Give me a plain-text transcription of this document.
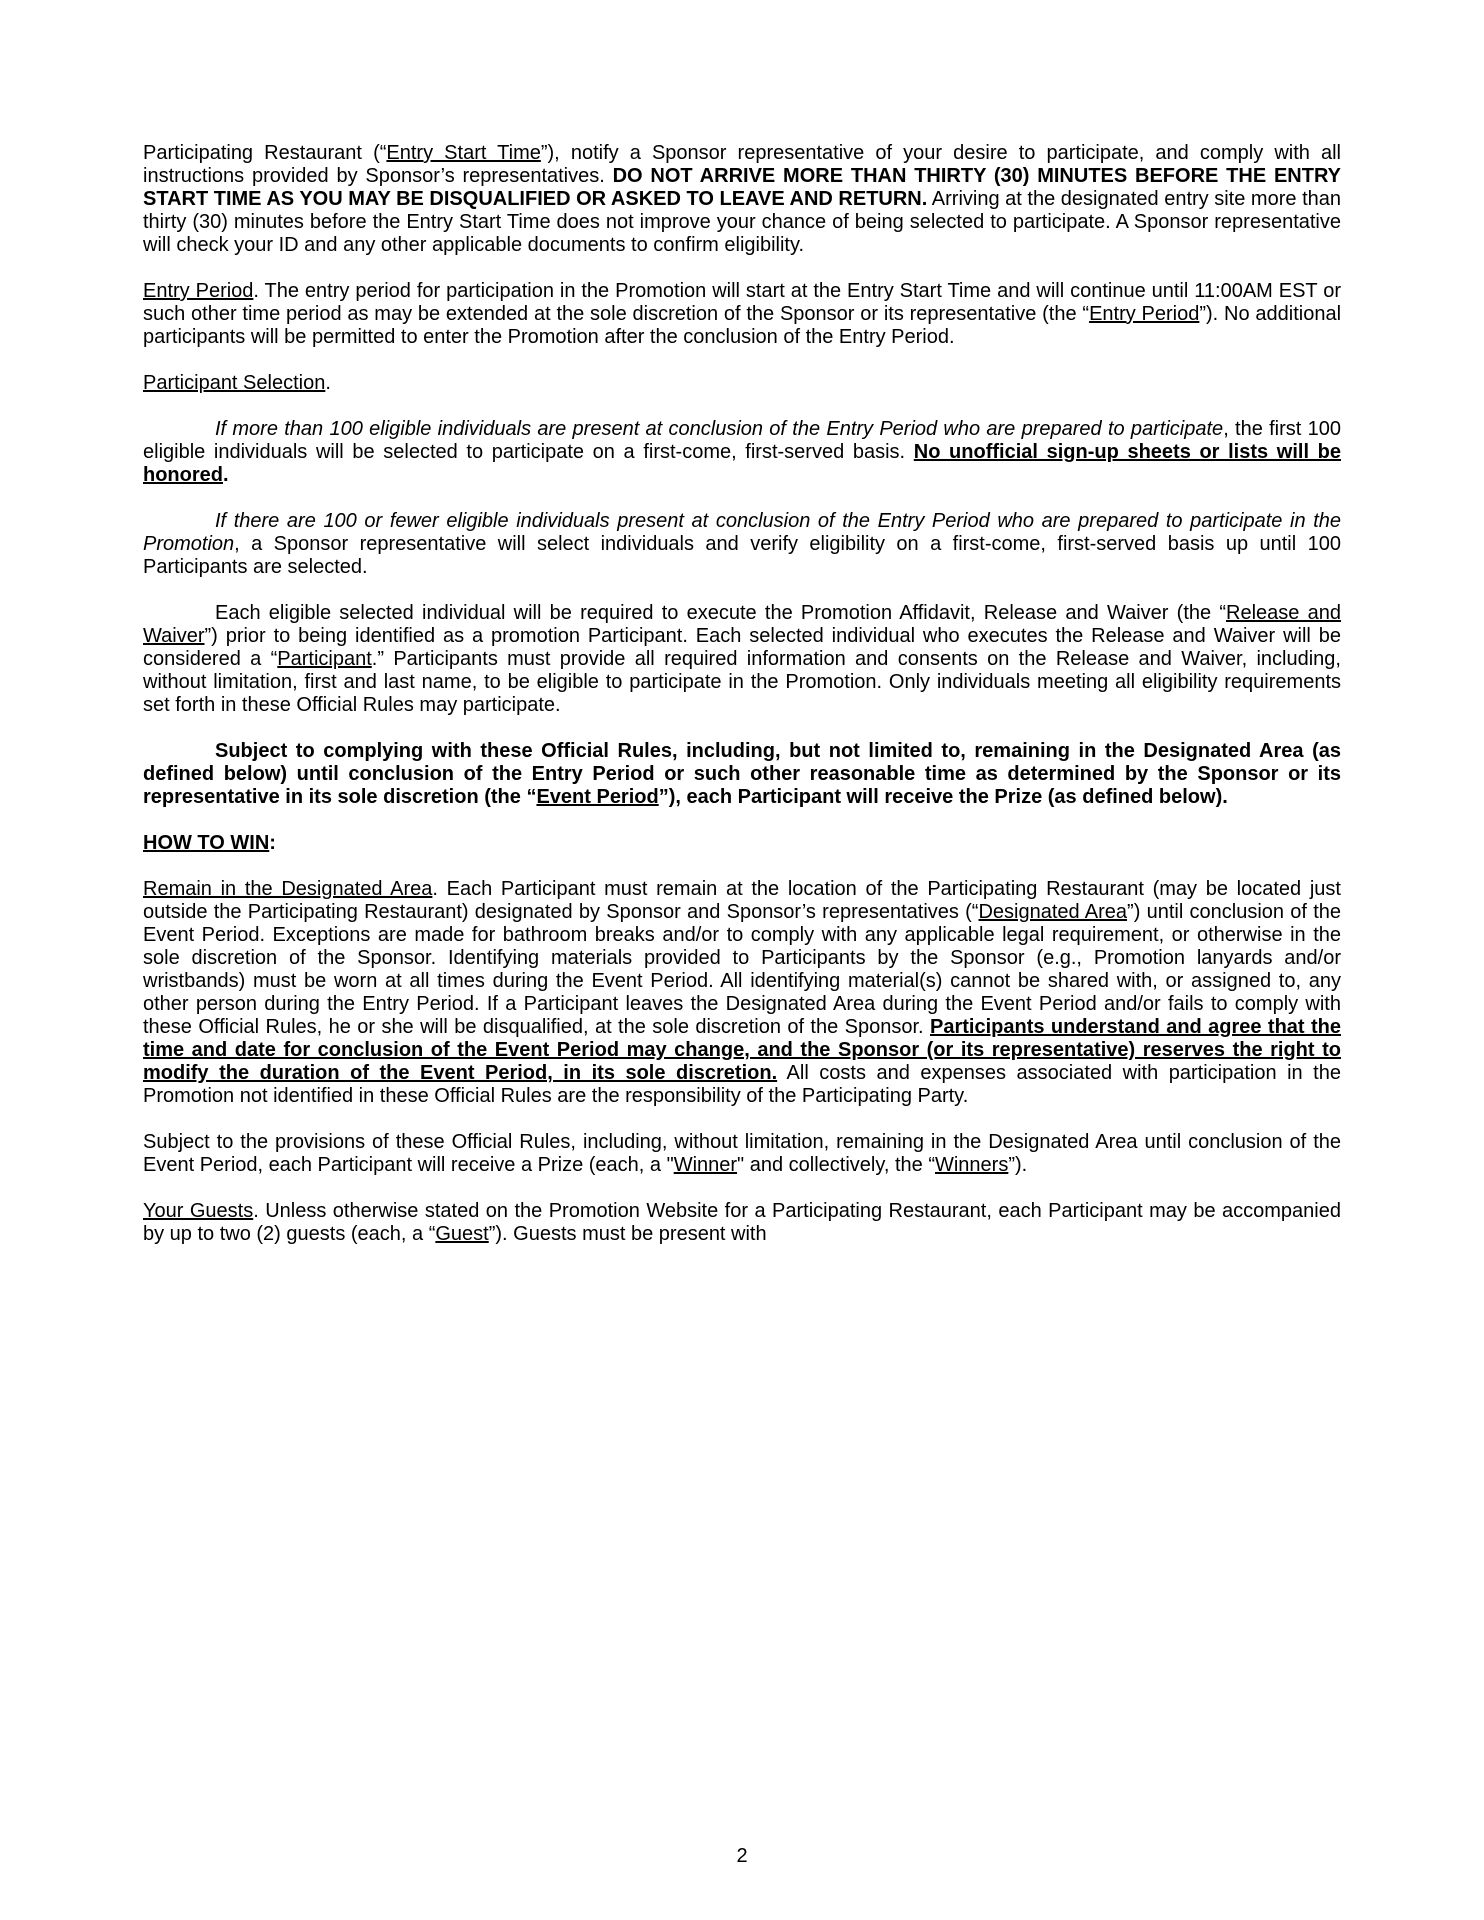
Participating Restaurant (“Entry Start Time”), notify a Sponsor representative of your desire to participate, and comply with all instructions provided by Sponsor’s representatives. DO NOT ARRIVE MORE THAN THIRTY (30) MINUTES BEFORE THE ENTRY START TIME AS YOU MAY BE DISQUALIFIED OR ASKED TO LEAVE AND RETURN. Arriving at the designated entry site more than thirty (30) minutes before the Entry Start Time does not improve your chance of being selected to participate. A Sponsor representative will check your ID and any other applicable documents to confirm eligibility.

Entry Period. The entry period for participation in the Promotion will start at the Entry Start Time and will continue until 11:00AM EST or such other time period as may be extended at the sole discretion of the Sponsor or its representative (the “Entry Period”). No additional participants will be permitted to enter the Promotion after the conclusion of the Entry Period.

Participant Selection.

If more than 100 eligible individuals are present at conclusion of the Entry Period who are prepared to participate, the first 100 eligible individuals will be selected to participate on a first-come, first-served basis. No unofficial sign-up sheets or lists will be honored.

If there are 100 or fewer eligible individuals present at conclusion of the Entry Period who are prepared to participate in the Promotion, a Sponsor representative will select individuals and verify eligibility on a first-come, first-served basis up until 100 Participants are selected.

Each eligible selected individual will be required to execute the Promotion Affidavit, Release and Waiver (the “Release and Waiver”) prior to being identified as a promotion Participant. Each selected individual who executes the Release and Waiver will be considered a “Participant.” Participants must provide all required information and consents on the Release and Waiver, including, without limitation, first and last name, to be eligible to participate in the Promotion. Only individuals meeting all eligibility requirements set forth in these Official Rules may participate.

Subject to complying with these Official Rules, including, but not limited to, remaining in the Designated Area (as defined below) until conclusion of the Entry Period or such other reasonable time as determined by the Sponsor or its representative in its sole discretion (the “Event Period”), each Participant will receive the Prize (as defined below).

HOW TO WIN:

Remain in the Designated Area. Each Participant must remain at the location of the Participating Restaurant (may be located just outside the Participating Restaurant) designated by Sponsor and Sponsor’s representatives (“Designated Area”) until conclusion of the Event Period. Exceptions are made for bathroom breaks and/or to comply with any applicable legal requirement, or otherwise in the sole discretion of the Sponsor. Identifying materials provided to Participants by the Sponsor (e.g., Promotion lanyards and/or wristbands) must be worn at all times during the Event Period. All identifying material(s) cannot be shared with, or assigned to, any other person during the Entry Period. If a Participant leaves the Designated Area during the Event Period and/or fails to comply with these Official Rules, he or she will be disqualified, at the sole discretion of the Sponsor. Participants understand and agree that the time and date for conclusion of the Event Period may change, and the Sponsor (or its representative) reserves the right to modify the duration of the Event Period, in its sole discretion. All costs and expenses associated with participation in the Promotion not identified in these Official Rules are the responsibility of the Participating Party.

Subject to the provisions of these Official Rules, including, without limitation, remaining in the Designated Area until conclusion of the Event Period, each Participant will receive a Prize (each, a "Winner" and collectively, the “Winners”).

Your Guests. Unless otherwise stated on the Promotion Website for a Participating Restaurant, each Participant may be accompanied by up to two (2) guests (each, a “Guest”). Guests must be present with

2
